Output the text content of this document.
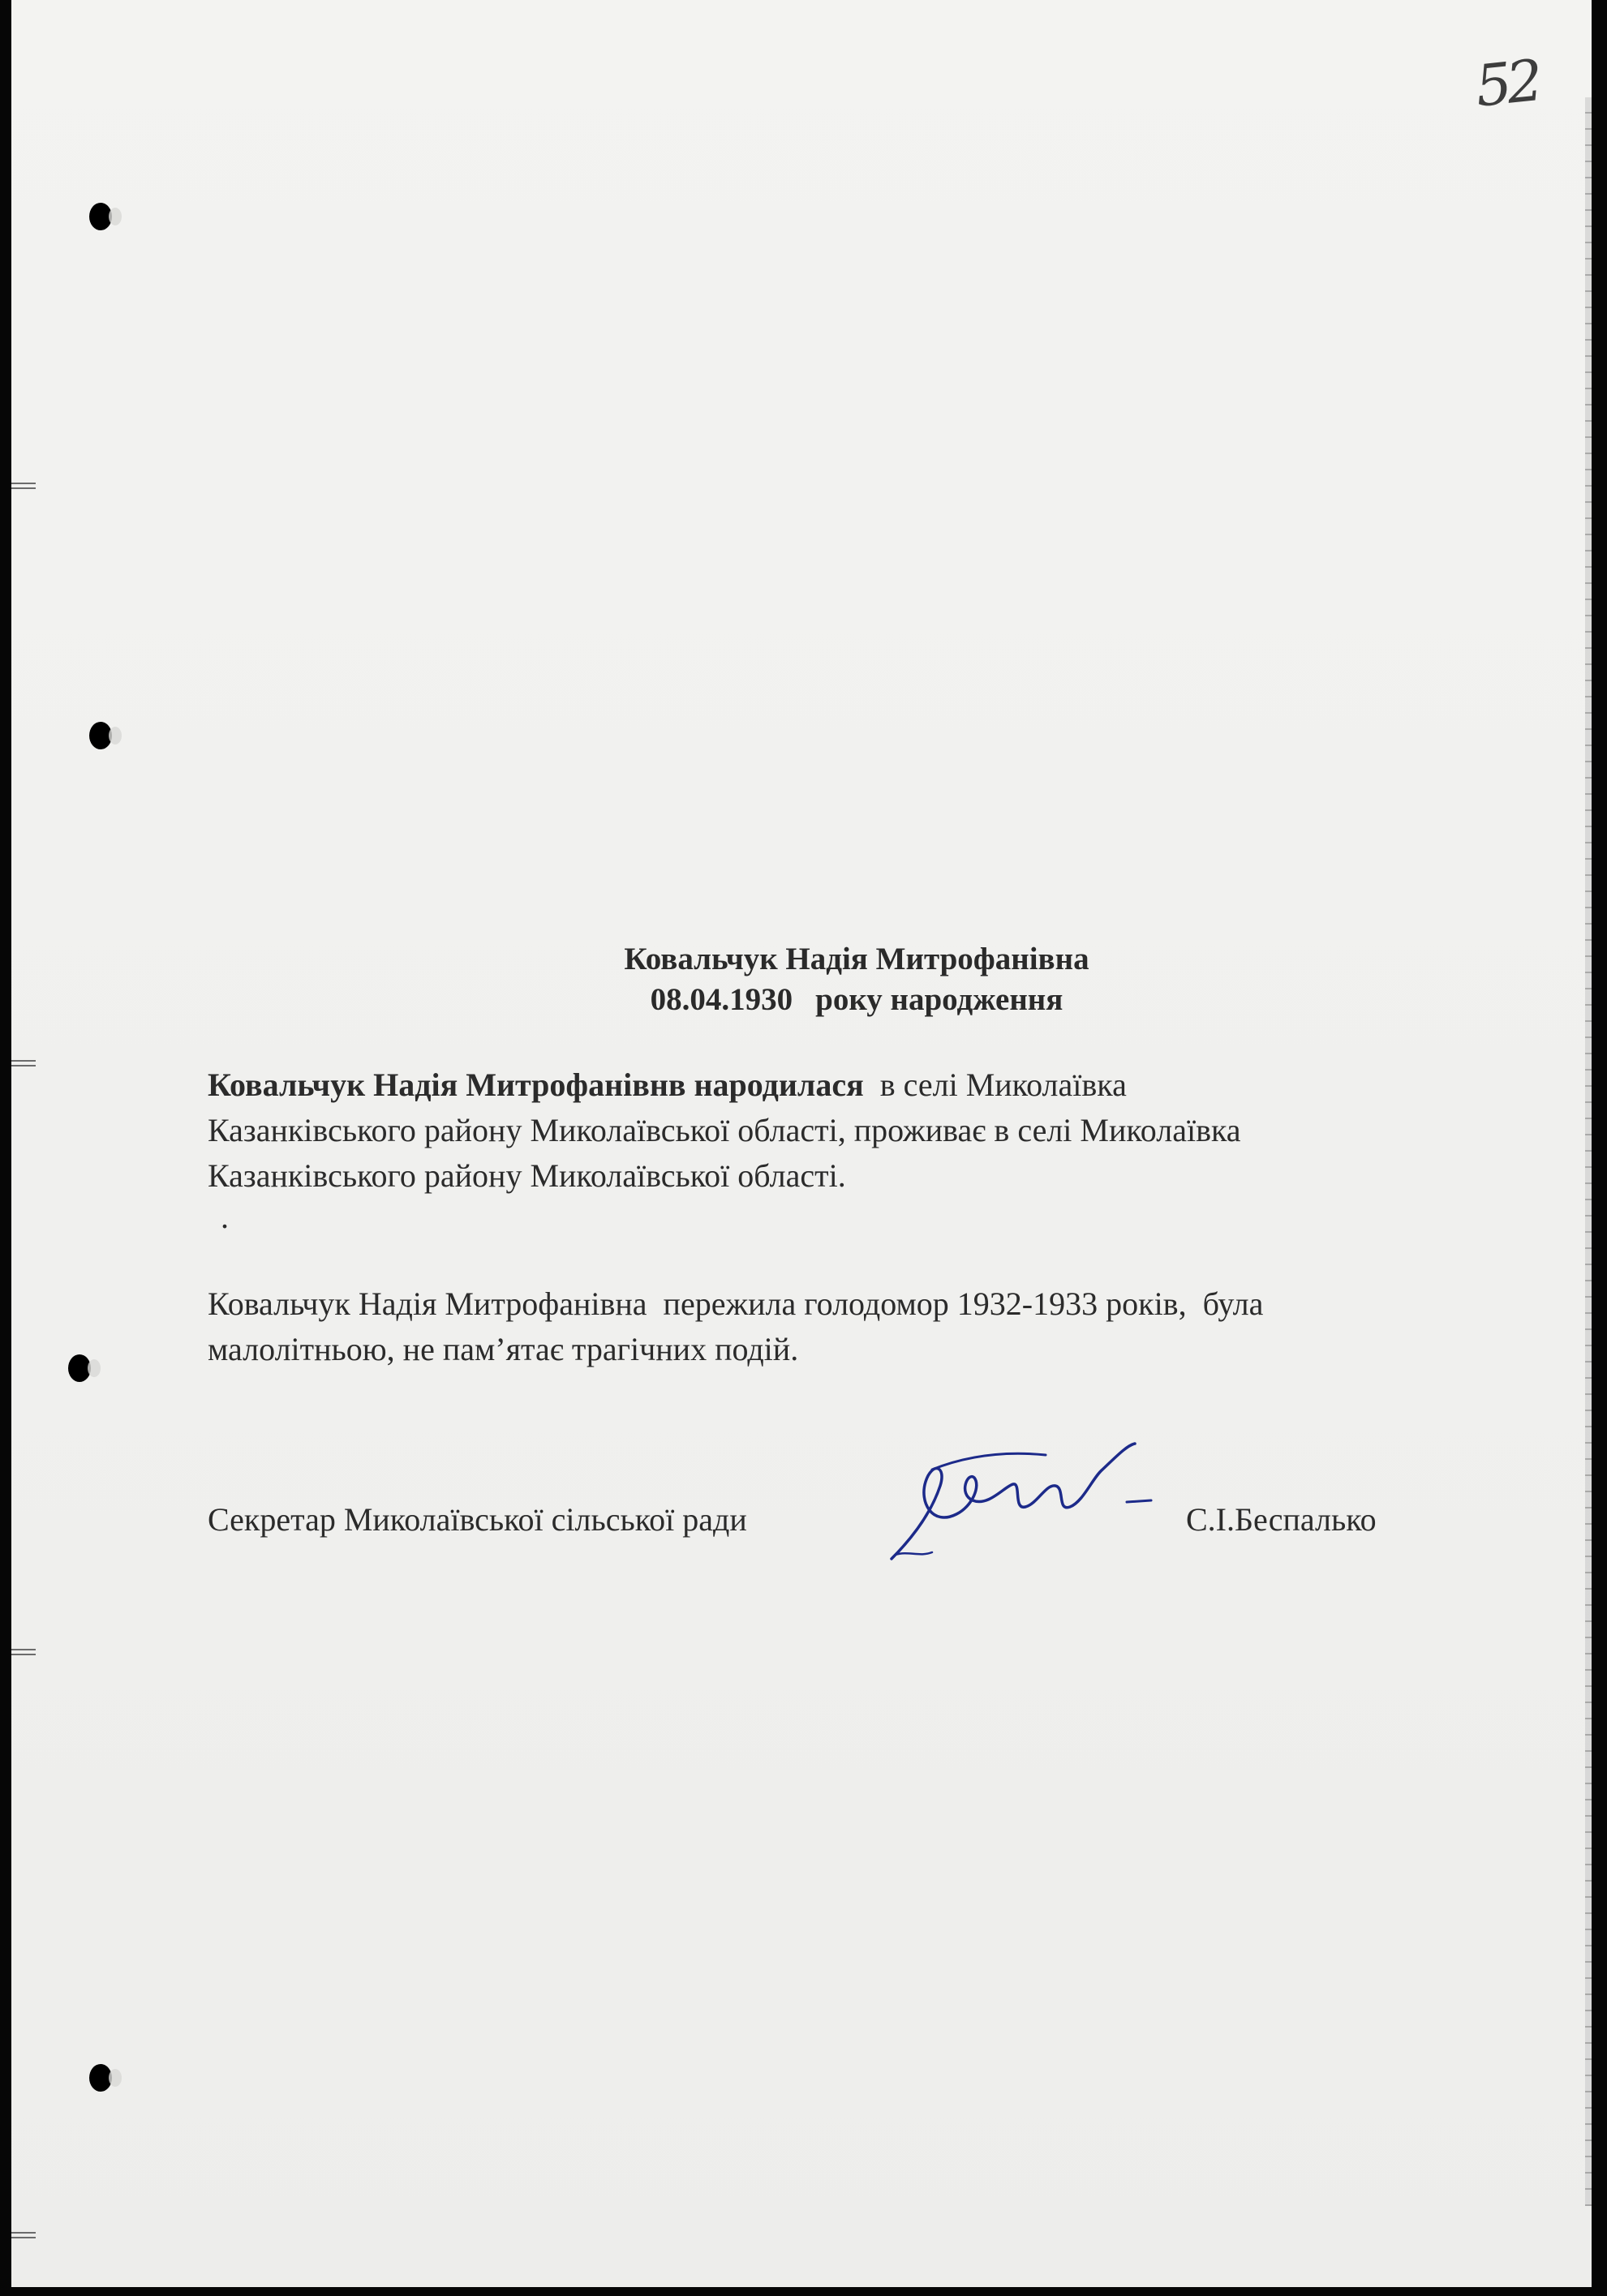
52
Ковальчук Надія Митрофанівна
08.04.1930 року народження

Ковальчук Надія Митрофанівнв народилася в селі Миколаївка
Казанківського району Миколаївської області, проживає в селі Миколаївка
Казанківського району Миколаївської області.

.

Ковальчук Надія Митрофанівна  пережила голодомор 1932-1933 років,  була
малолітньою, не пам’ятає трагічних подій.

Секретар Миколаївської сільської ради	С.І.Беспалько
